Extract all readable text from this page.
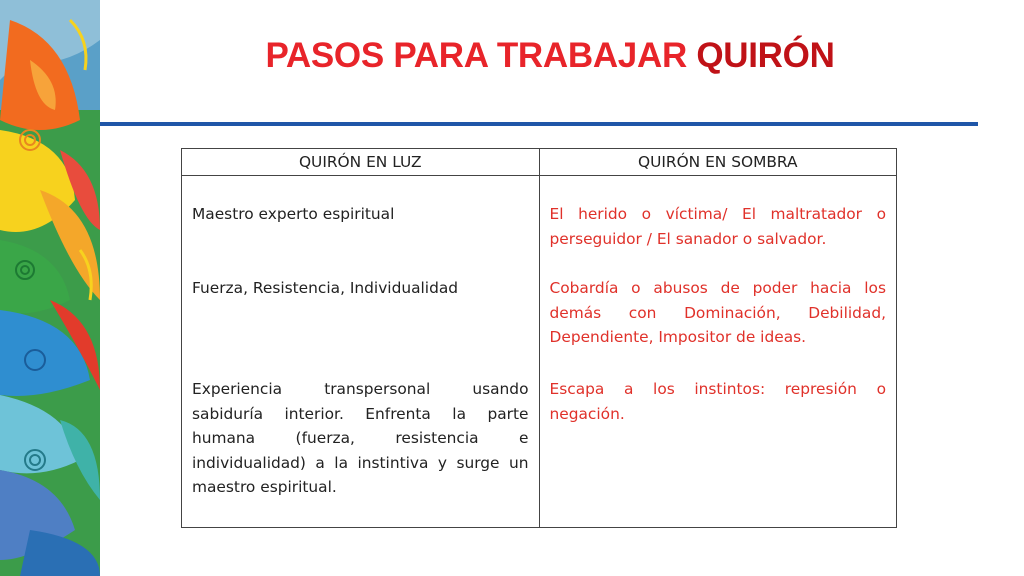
PASOS PARA TRABAJAR QUIRÓN
QUIRÓN EN LUZ	QUIRÓN EN SOMBRA
Maestro experto espiritual	El herido o víctima/ El maltratador o perseguidor / El sanador o salvador.
Fuerza, Resistencia, Individualidad	Cobardía o abusos de poder hacia los demás con Dominación, Debilidad, Dependiente, Impositor de ideas.
Experiencia transpersonal usando sabiduría interior. Enfrenta la parte humana (fuerza, resistencia e individualidad) a la instintiva y surge un maestro espiritual.	Escapa a los instintos: represión o negación.
